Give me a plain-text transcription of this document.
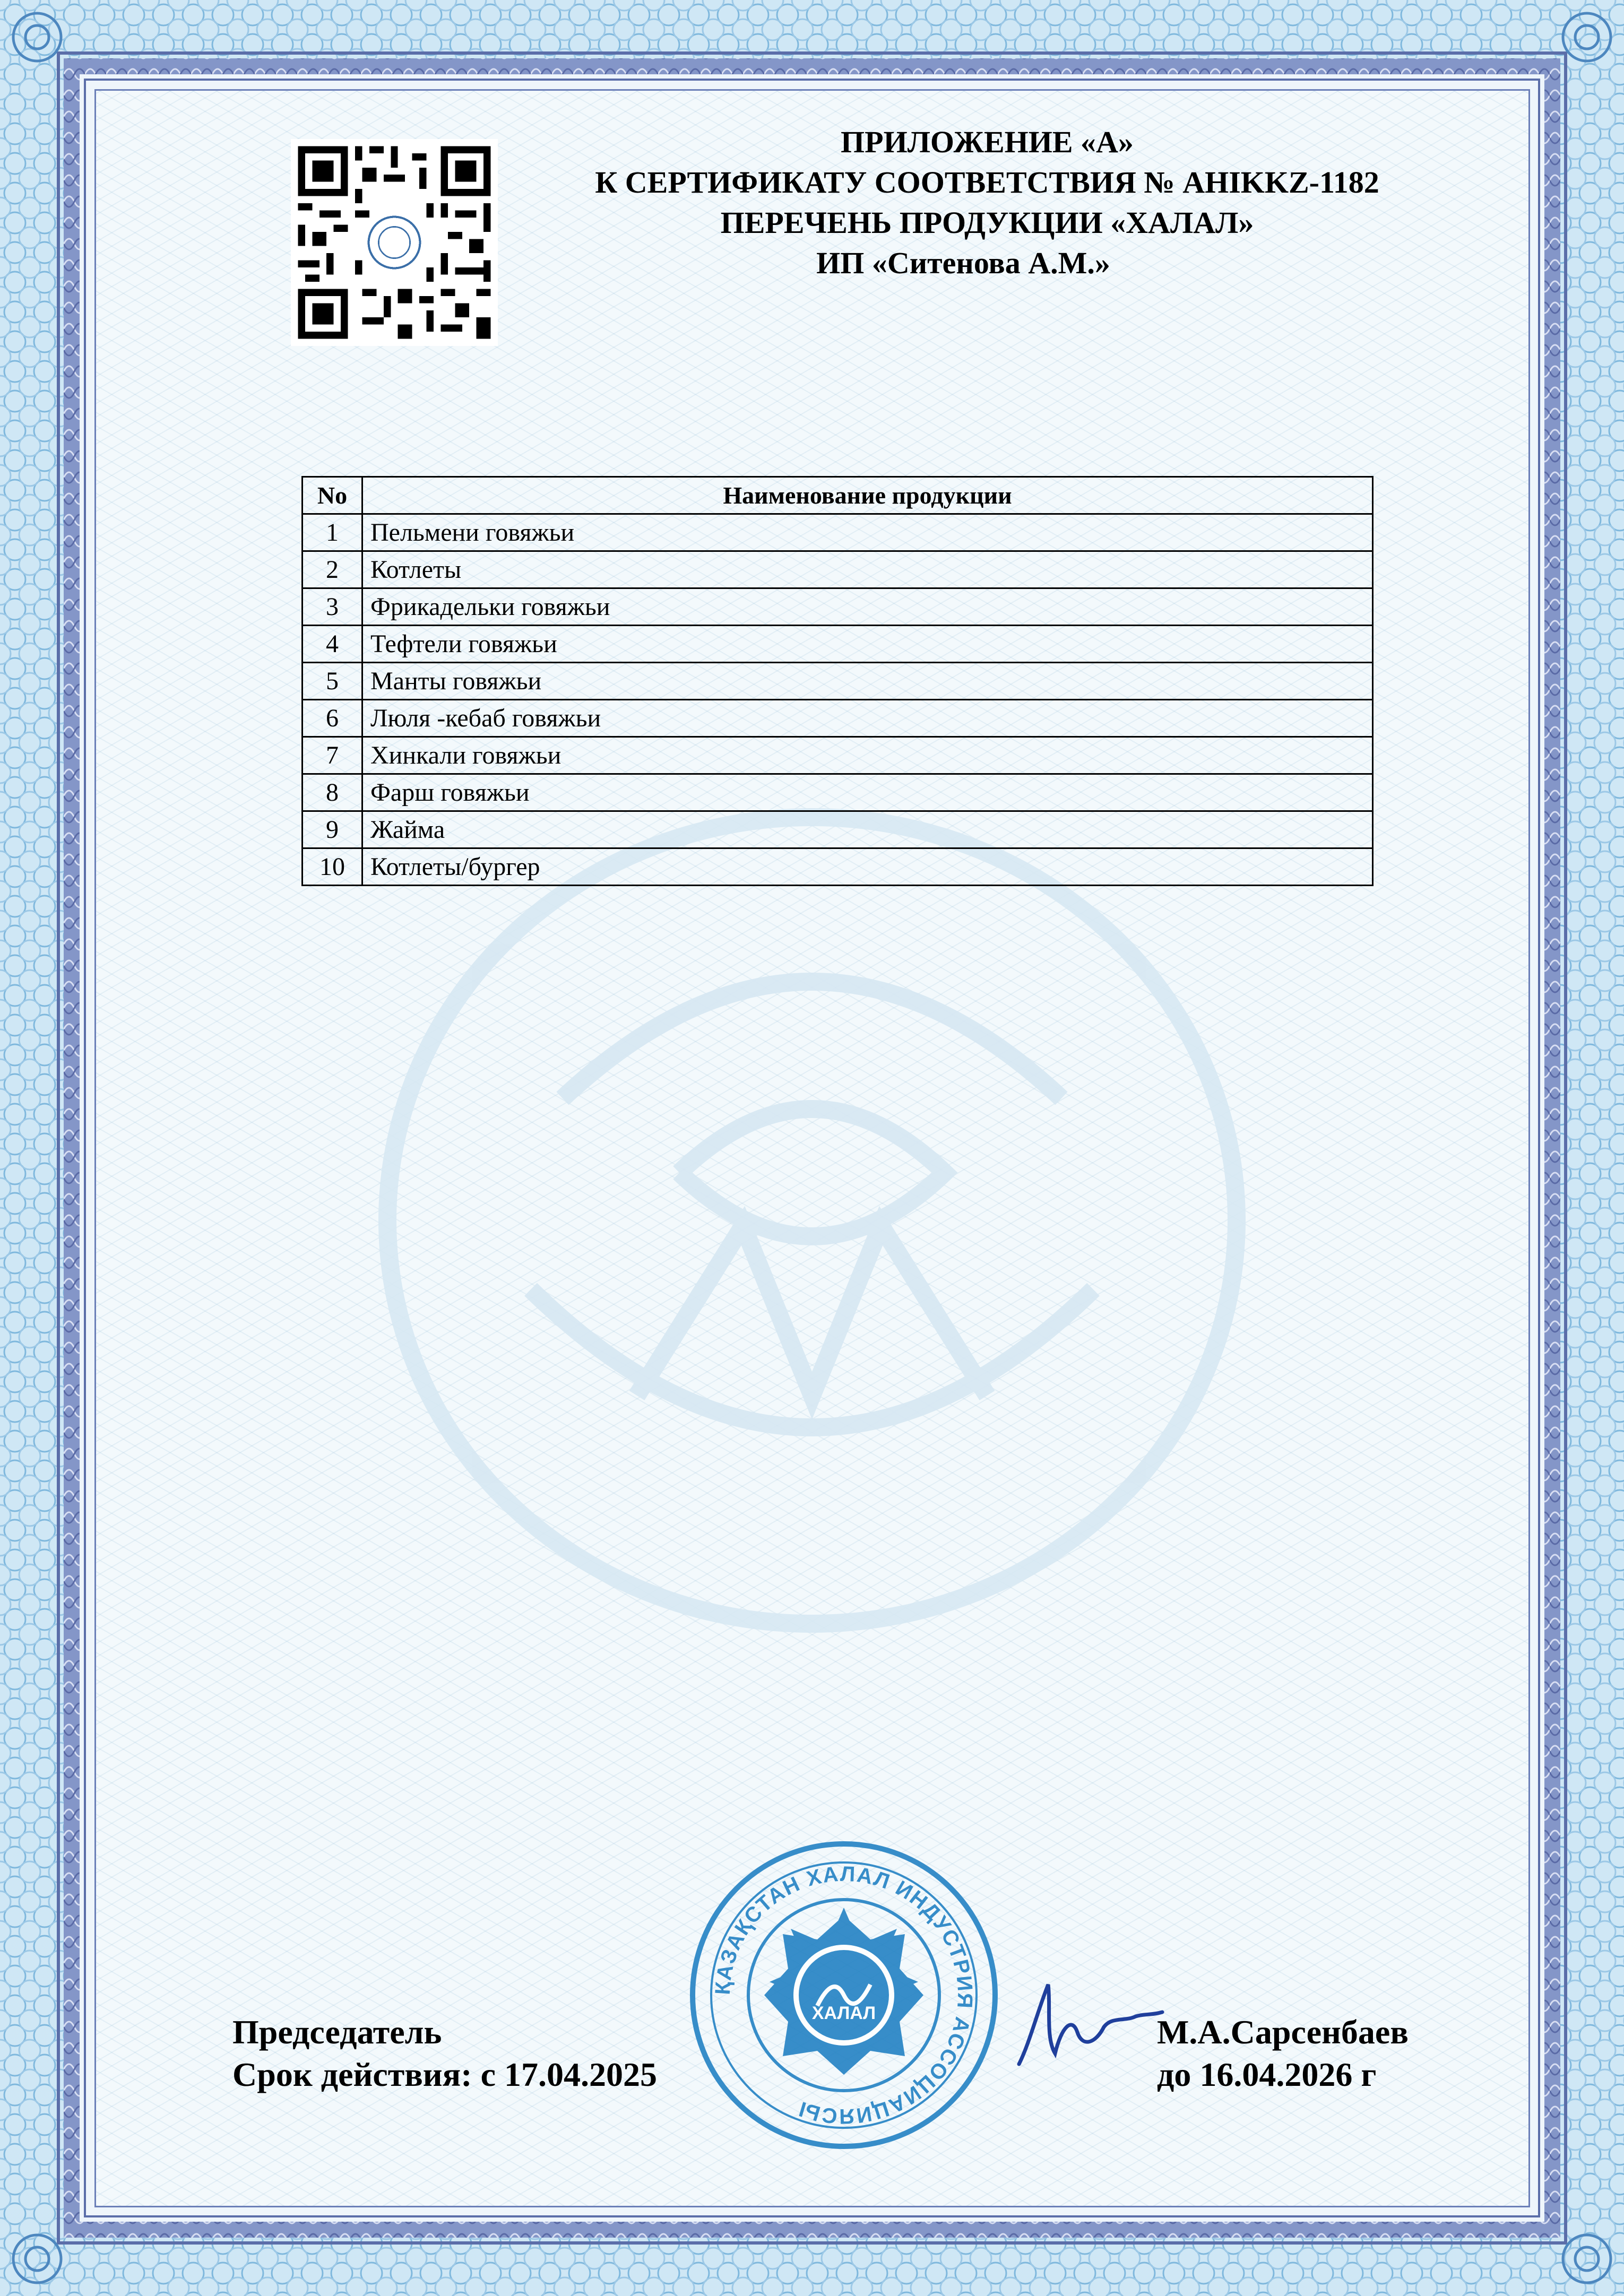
ПРИЛОЖЕНИЕ «А»
К СЕРТИФИКАТУ СООТВЕТСТВИЯ № AHIKKZ-1182
ПЕРЕЧЕНЬ ПРОДУКЦИИ «ХАЛАЛ»
ИП «Ситенова А.М.»
No	Наименование продукции
1	Пельмени говяжьи
2	Котлеты
3	Фрикадельки говяжьи
4	Тефтели говяжьи
5	Манты говяжьи
6	Люля -кебаб говяжьи
7	Хинкали говяжьи
8	Фарш говяжьи
9	Жайма
10	Котлеты/бургер
ҚАЗАҚСТАН ХАЛАЛ ИНДУСТРИЯ АССОЦИАЦИЯСЫ
ХАЛАЛ
Председатель
Срок действия: с 17.04.2025
М.А.Сарсенбаев
до 16.04.2026 г
